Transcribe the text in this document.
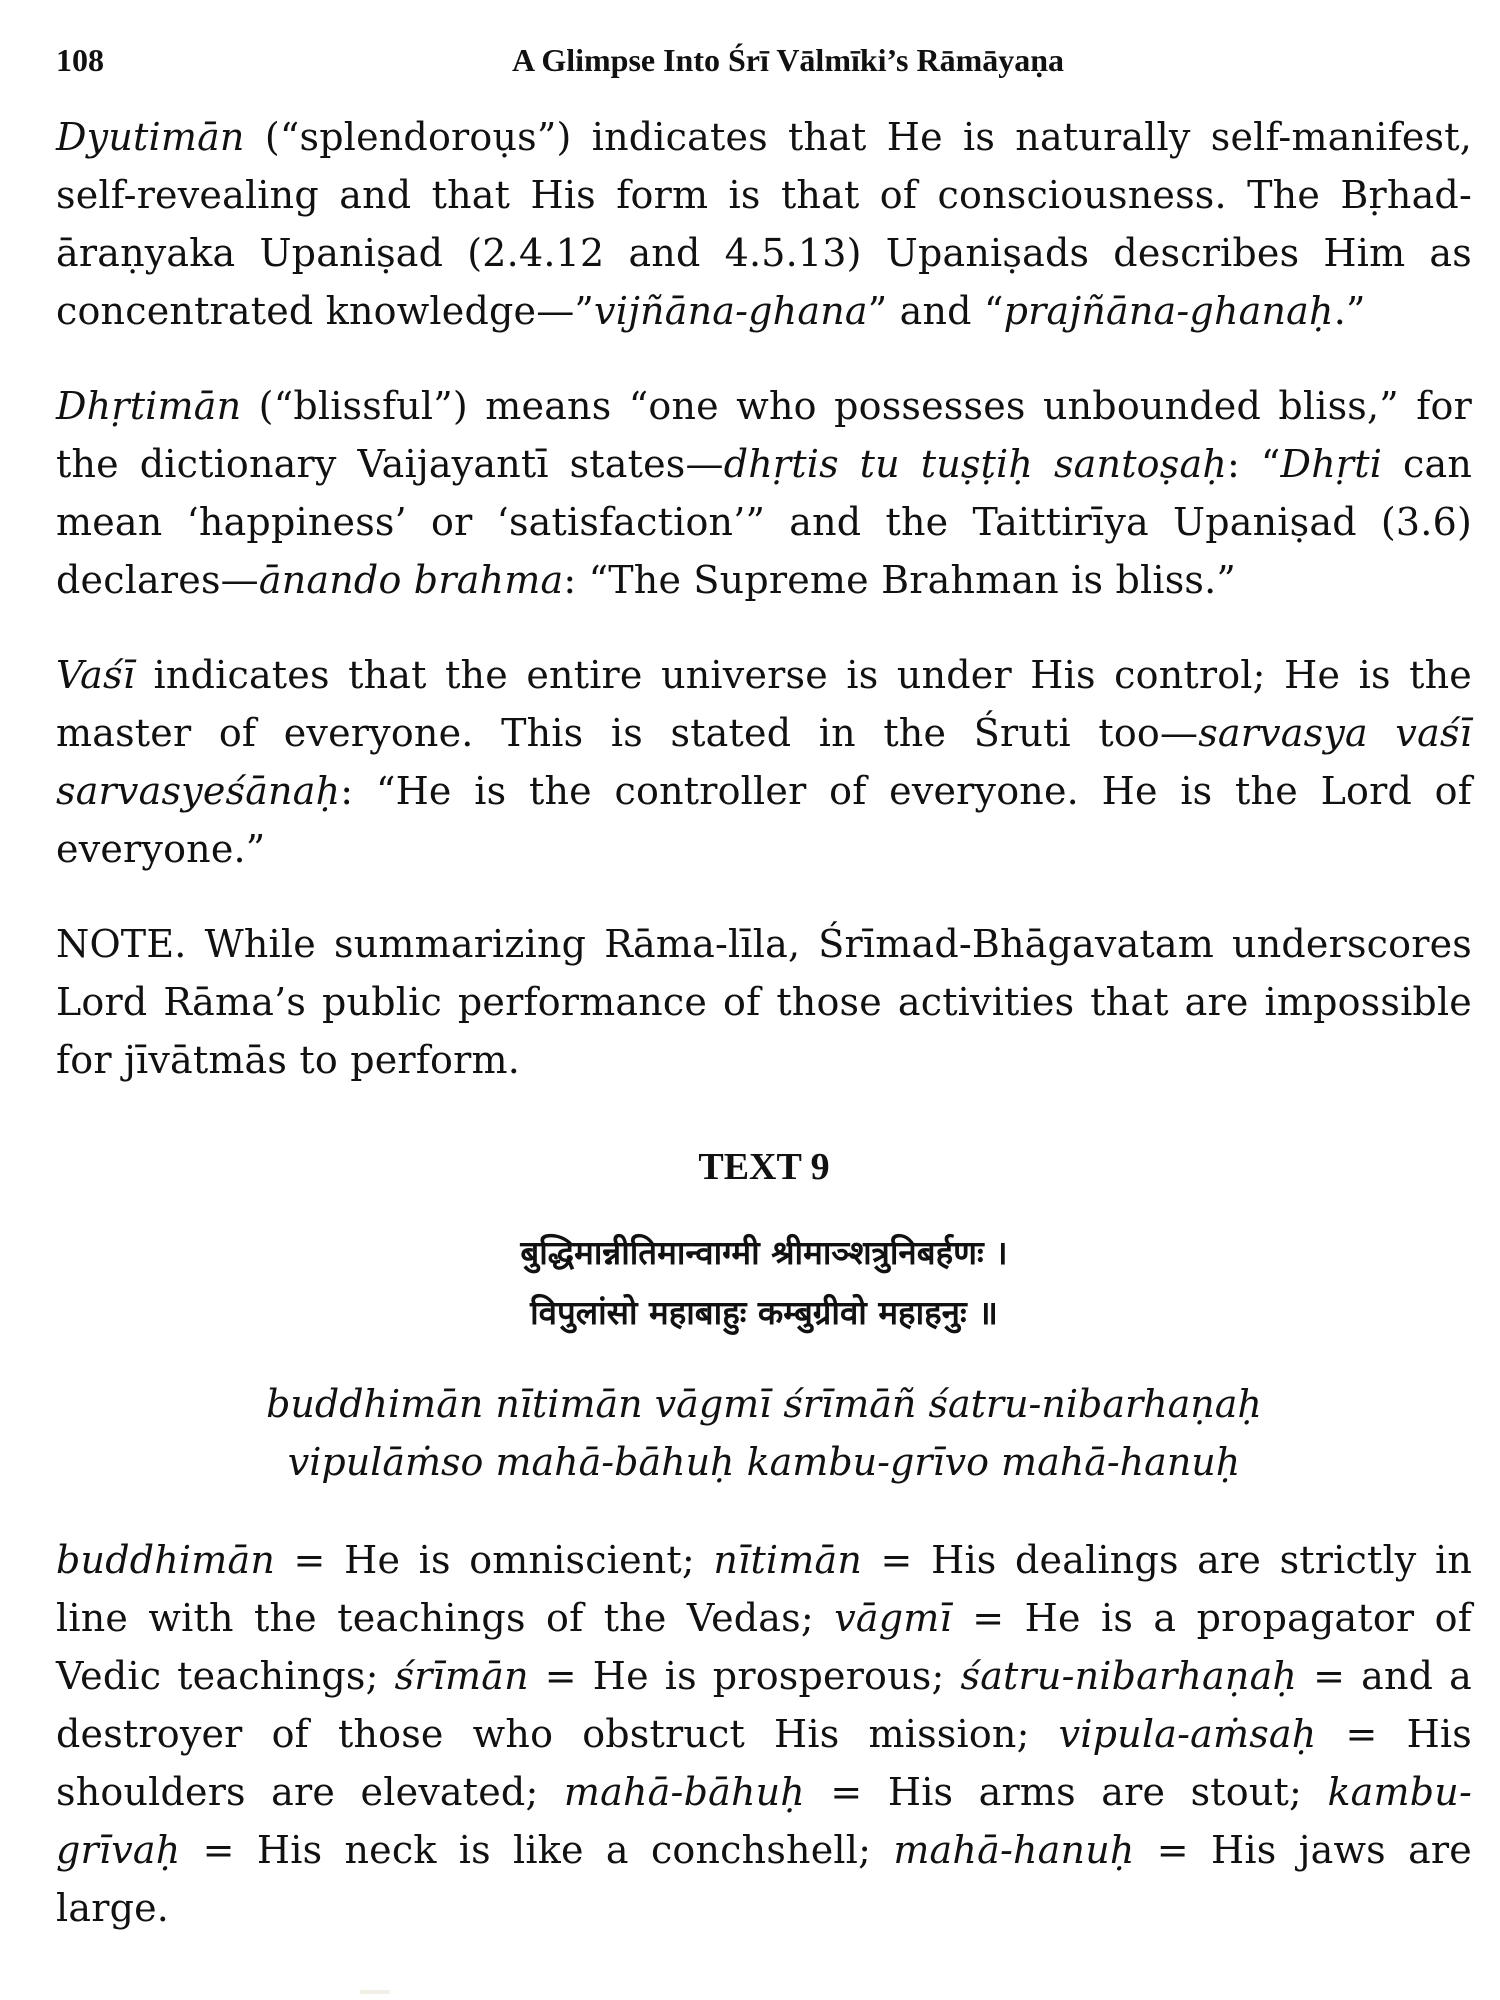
108	A Glimpse Into Śrī Vālmīki’s Rāmāyaṇa

Dyutimān (“splendoroụs”) indicates that He is naturally self-manifest, self-revealing and that His form is that of consciousness. The Bṛhad-āraṇyaka Upaniṣad (2.4.12 and 4.5.13) Upaniṣads describes Him as concentrated knowledge—”vijñāna-ghana” and “prajñāna-ghanaḥ.”

Dhṛtimān (“blissful”) means “one who possesses unbounded bliss,” for the dictionary Vaijayantī states—dhṛtis tu tuṣṭiḥ santoṣaḥ: “Dhṛti can mean ‘happiness’ or ‘satisfaction’” and the Taittirīya Upaniṣad (3.6) declares—ānando brahma: “The Supreme Brahman is bliss.”

Vaśī indicates that the entire universe is under His control; He is the master of everyone. This is stated in the Śruti too—sarvasya vaśī sarvasyeśānaḥ: “He is the controller of everyone. He is the Lord of everyone.”

NOTE. While summarizing Rāma-līla, Śrīmad-Bhāgavatam underscores Lord Rāma’s public performance of those activities that are impossible for jīvātmās to perform.

TEXT 9
बुद्धिमान्नीतिमान्वाग्मी श्रीमाञ्शत्रुनिबर्हणः ।
विपुलांसो महाबाहुः कम्बुग्रीवो महाहनुः ॥
buddhimān nītimān vāgmī śrīmāñ śatru-nibarhaṇaḥ
vipulāṁso mahā-bāhuḥ kambu-grīvo mahā-hanuḥ

buddhimān = He is omniscient; nītimān = His dealings are strictly in line with the teachings of the Vedas; vāgmī = He is a propagator of Vedic teachings; śrīmān = He is prosperous; śatru-nibarhaṇaḥ = and a destroyer of those who obstruct His mission; vipula-aṁsaḥ = His shoulders are elevated; mahā-bāhuḥ = His arms are stout; kambu-grīvaḥ = His neck is like a conchshell; mahā-hanuḥ = His jaws are large.
